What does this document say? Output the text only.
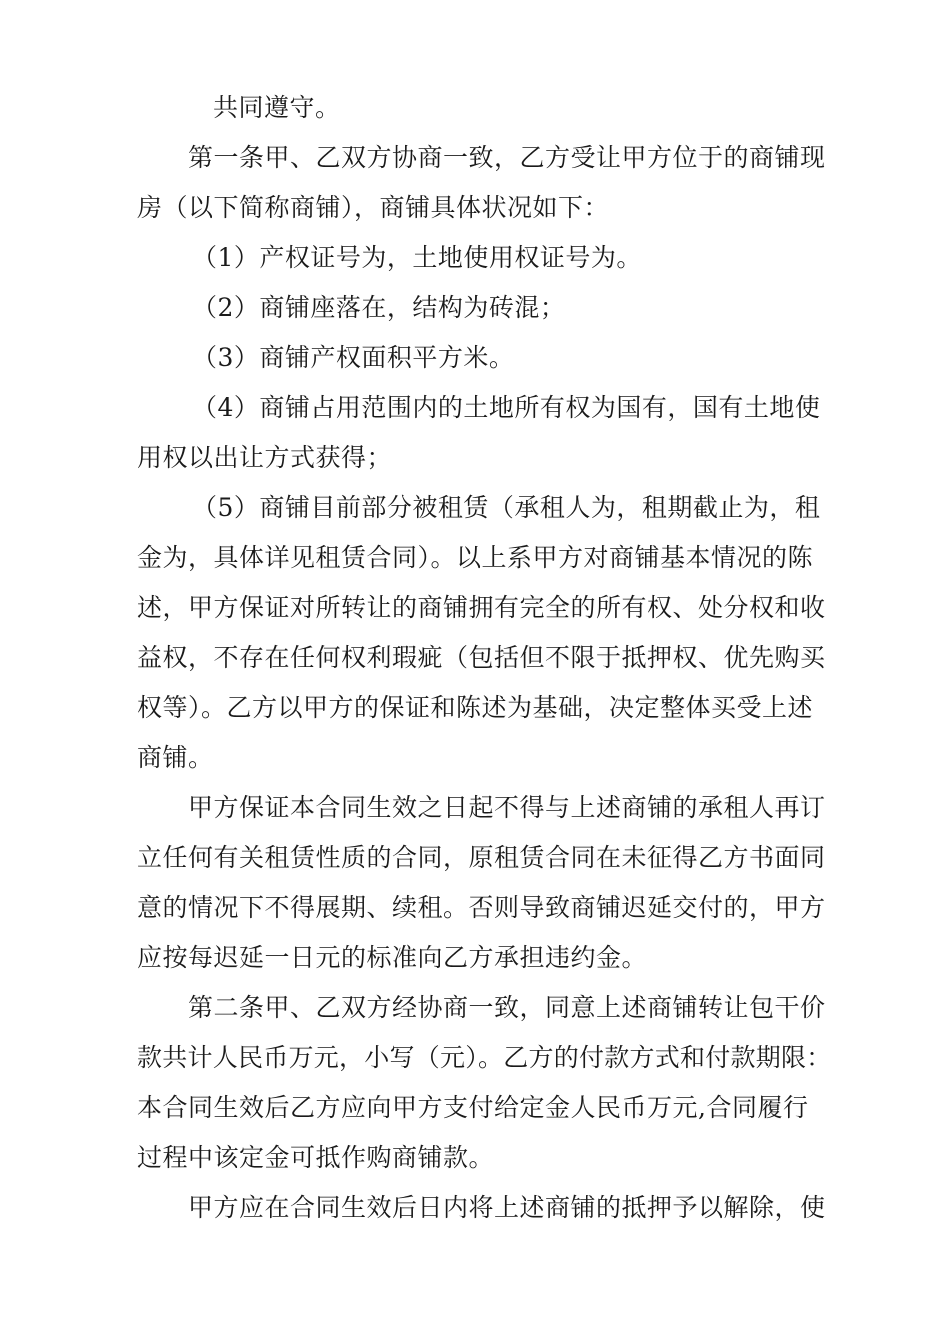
共同遵守。
第一条甲、乙双方协商一致，乙方受让甲方位于的商铺现
房（以下简称商铺），商铺具体状况如下：
（1）产权证号为，土地使用权证号为。
（2）商铺座落在，结构为砖混；
（3）商铺产权面积平方米。
（4）商铺占用范围内的土地所有权为国有，国有土地使
用权以出让方式获得；
（5）商铺目前部分被租赁（承租人为，租期截止为，租
金为，具体详见租赁合同）。以上系甲方对商铺基本情况的陈
述，甲方保证对所转让的商铺拥有完全的所有权、处分权和收
益权，不存在任何权利瑕疵（包括但不限于抵押权、优先购买
权等）。乙方以甲方的保证和陈述为基础，决定整体买受上述
商铺。
甲方保证本合同生效之日起不得与上述商铺的承租人再订
立任何有关租赁性质的合同，原租赁合同在未征得乙方书面同
意的情况下不得展期、续租。否则导致商铺迟延交付的，甲方
应按每迟延一日元的标准向乙方承担违约金。
第二条甲、乙双方经协商一致，同意上述商铺转让包干价
款共计人民币万元，小写（元）。乙方的付款方式和付款期限：
本合同生效后乙方应向甲方支付给定金人民币万元,合同履行
过程中该定金可抵作购商铺款。
甲方应在合同生效后日内将上述商铺的抵押予以解除，使
